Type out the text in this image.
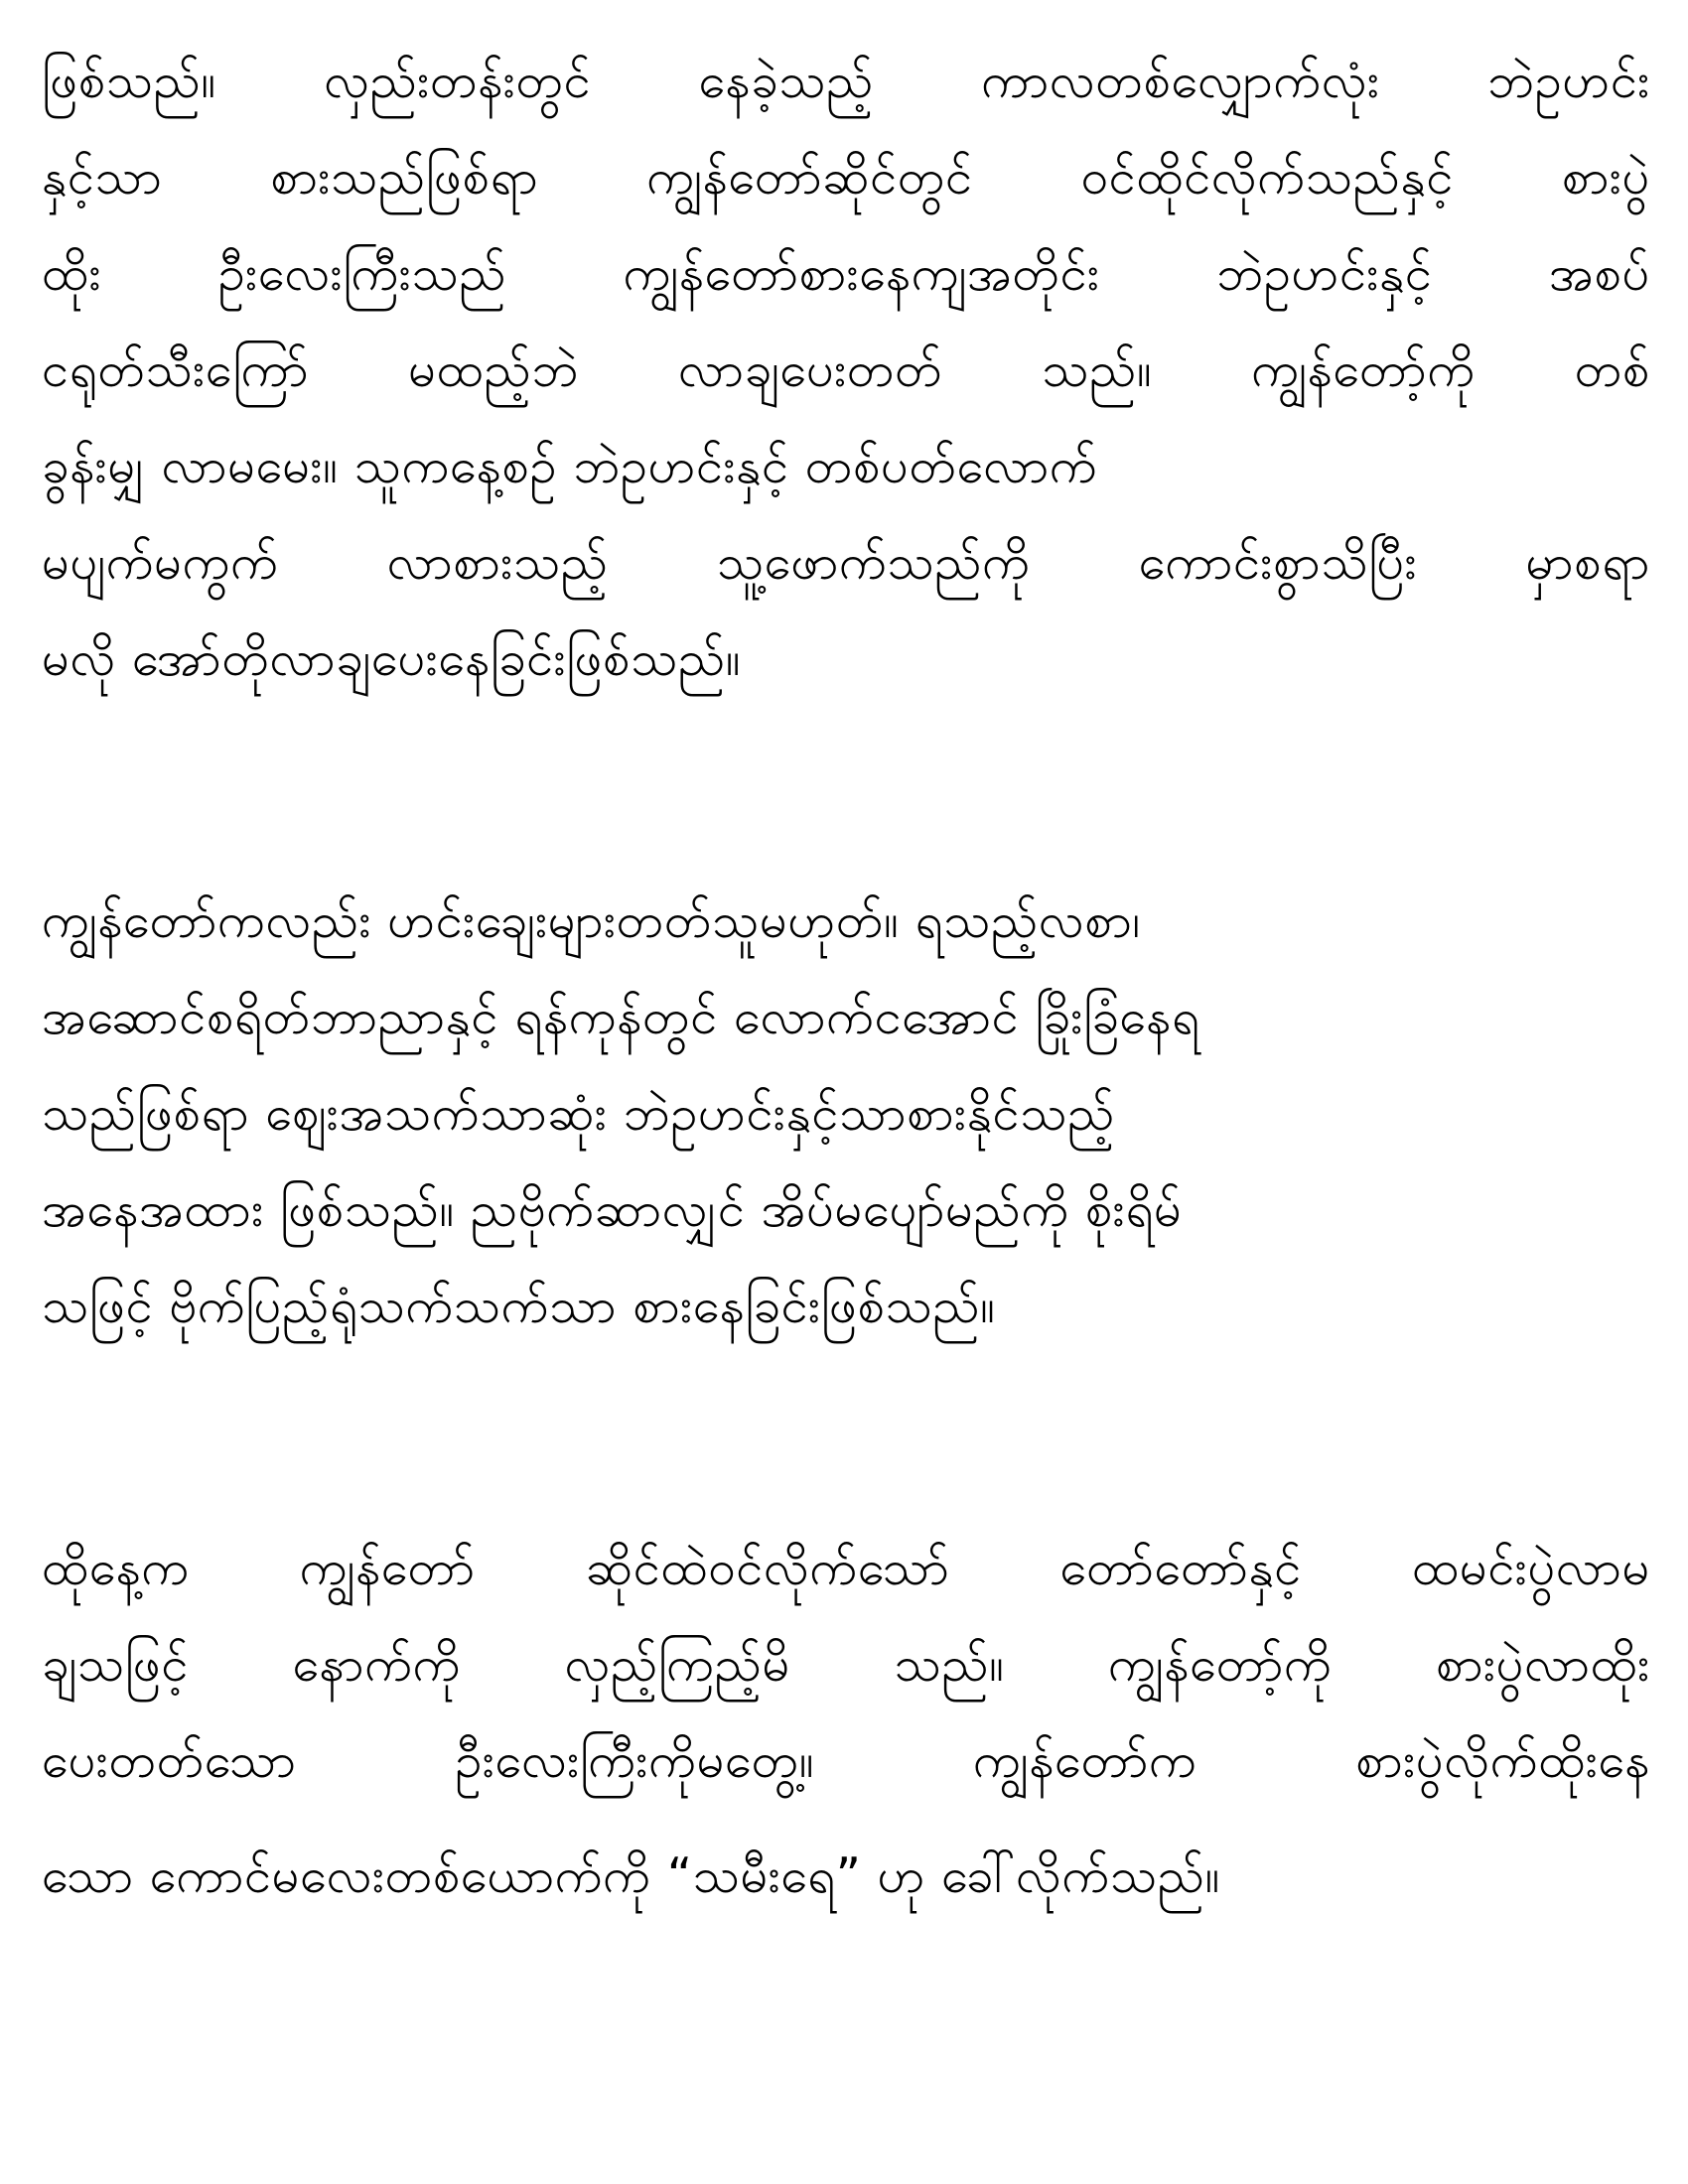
ဖြစ်သည်။ လှည်းတန်းတွင် နေခဲ့သည့် ကာလတစ်လျှောက်လုံး ဘဲဥဟင်း
နှင့်သာ စားသည်ဖြစ်ရာ ကျွန်တော်ဆိုင်တွင် ဝင်ထိုင်လိုက်သည်နှင့် စားပွဲ
ထိုး ဦးလေးကြီးသည် ကျွန်တော်စားနေကျအတိုင်း ဘဲဥဟင်းနှင့် အစပ်
ငရုတ်သီးကြော် မထည့်ဘဲ လာချပေးတတ် သည်။ ကျွန်တော့်ကို တစ်
ခွန်းမျှ လာမမေး။ သူကနေ့စဉ် ဘဲဥဟင်းနှင့် တစ်ပတ်လောက်
မပျက်မကွက် လာစားသည့် သူ့ဖောက်သည်ကို ကောင်းစွာသိပြီး မှာစရာ
မလို အော်တိုလာချပေးနေခြင်းဖြစ်သည်။
ကျွန်တော်ကလည်း ဟင်းချေးများတတ်သူမဟုတ်။ ရသည့်လစာ၊
အဆောင်စရိတ်ဘာညာနှင့် ရန်ကုန်တွင် လောက်ငအောင် ခြိုးခြံနေရ
သည်ဖြစ်ရာ ဈေးအသက်သာဆုံး ဘဲဥဟင်းနှင့်သာစားနိုင်သည့်
အနေအထား ဖြစ်သည်။ ညဗိုက်ဆာလျှင် အိပ်မပျော်မည်ကို စိုးရိမ်
သဖြင့် ဗိုက်ပြည့်ရုံသက်သက်သာ စားနေခြင်းဖြစ်သည်။
ထိုနေ့က ကျွန်တော် ဆိုင်ထဲဝင်လိုက်သော် တော်တော်နှင့် ထမင်းပွဲလာမ
ချသဖြင့် နောက်ကို လှည့်ကြည့်မိ သည်။ ကျွန်တော့်ကို စားပွဲလာထိုး
ပေးတတ်သော ဦးလေးကြီးကိုမတွေ့။ ကျွန်တော်က စားပွဲလိုက်ထိုးနေ
သော ကောင်မလေးတစ်ယောက်ကို “သမီးရေ” ဟု ခေါ်လိုက်သည်။
